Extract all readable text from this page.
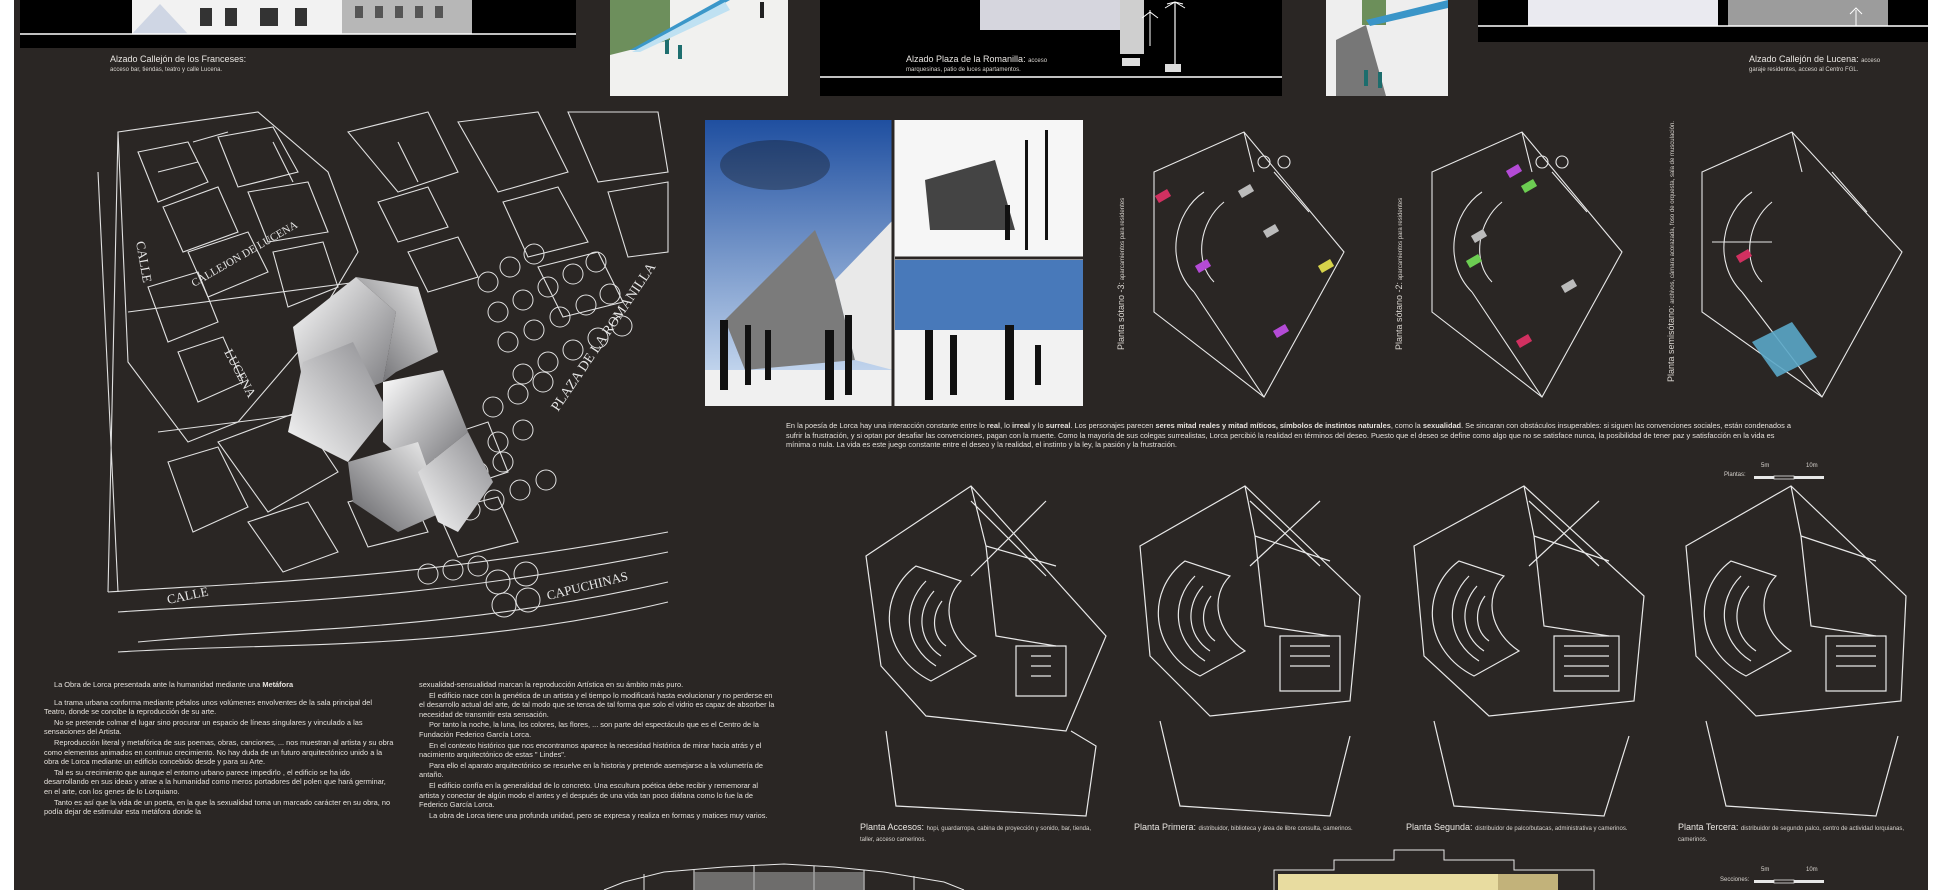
Alzado Callejón de los Franceses:
acceso bar, tiendas, teatro y calle Lucena.
Alzado Plaza de la Romanilla: acceso
marquesinas, patio de luces apartamentos.
Alzado Callejón de Lucena: acceso
garaje residentes, acceso al Centro FGL.
CALLE	CALLEJON DE LUCENA
LUCENA	PLAZA DE LA ROMANILLA
CALLE	CAPUCHINAS
Planta sótano -3: aparcamientos para residentes
Planta sótano -2: aparcamientos para residentes
Planta semisótano: archivos, cámara acorazada, foso de orquesta, sala de musculación.
En la poesía de Lorca hay una interacción constante entre lo real, lo irreal y lo surreal. Los personajes parecen seres mitad reales y mitad míticos, símbolos de instintos naturales, como la sexualidad. Se sincaran con obstáculos insuperables: si siguen las convenciones sociales, están condenados a sufrir la frustración, y si optan por desafiar las convenciones, pagan con la muerte. Como la mayoría de sus colegas surrealistas, Lorca percibió la realidad en términos del deseo. Puesto que el deseo se define como algo que no se satisface nunca, la posibilidad de tener paz y satisfacción en la vida es mínima o nula. La vida es este juego constante entre el deseo y la realidad, el instinto y la ley, la pasión y la frustración.
Plantas:
5m	10m
Planta Accesos: hopi, guardarropa, cabina de proyección y sonido, bar, tienda, taller, acceso camerinos.
Planta Primera: distribuidor, biblioteca y área de libre consulta, camerinos.	Planta Segunda: distribuidor de palco/butacas, administrativa y camerinos.	Planta Tercera: distribuidor de segundo palco, centro de actividad lorquianas, camerinos.

La Obra de Lorca presentada ante la humanidad mediante una Metáfora

La trama urbana conforma mediante pétalos unos volúmenes envolventes de la sala principal del Teatro, donde se concibe la reproducción de su arte.

No se pretende colmar el lugar sino procurar un espacio de líneas singulares y vinculado a las sensaciones del Artista.

Reproducción literal y metafórica de sus poemas, obras, canciones, ... nos muestran al artista y su obra como elementos animados en continuo crecimiento. No hay duda de un futuro arquitectónico unido a la obra de Lorca mediante un edificio concebido desde y para su Arte.

Tal es su crecimiento que aunque el entorno urbano parece impedirlo , el edificio se ha ido desarrollando en sus ideas y atrae a la humanidad como meros portadores del polen que hará germinar, en el arte, con los genes de lo Lorquiano.

Tanto es así que la vida de un poeta, en la que la sexualidad toma un marcado carácter en su obra, no podía dejar de estimular esta metáfora donde la

sexualidad-sensualidad marcan la reproducción Artística en su ámbito más puro.

El edificio nace con la genética de un artista y el tiempo lo modificará hasta evolucionar y no perderse en el desarrollo actual del arte, de tal modo que se tensa de tal forma que solo el vidrio es capaz de absorber la necesidad de transmitir esta sensación.

Por tanto la noche, la luna, los colores, las flores, ... son parte del espectáculo que es el Centro de la Fundación Federico García Lorca.

En el contexto histórico que nos encontramos aparece la necesidad histórica de mirar hacia atrás y el nacimiento arquitectónico de estas " Lindes".

Para ello el aparato arquitectónico se resuelve en la historia y pretende asemejarse a la volumetría de antaño.

El edificio confía en la generalidad de lo concreto. Una escultura poética debe recibir y rememorar al artista y conectar de algún modo el antes y el después de una vida tan poco diáfana como lo fue la de Federico García Lorca.

La obra de Lorca tiene una profunda unidad, pero se expresa y realiza en formas y matices muy varios.

Secciones:
5m	10m
